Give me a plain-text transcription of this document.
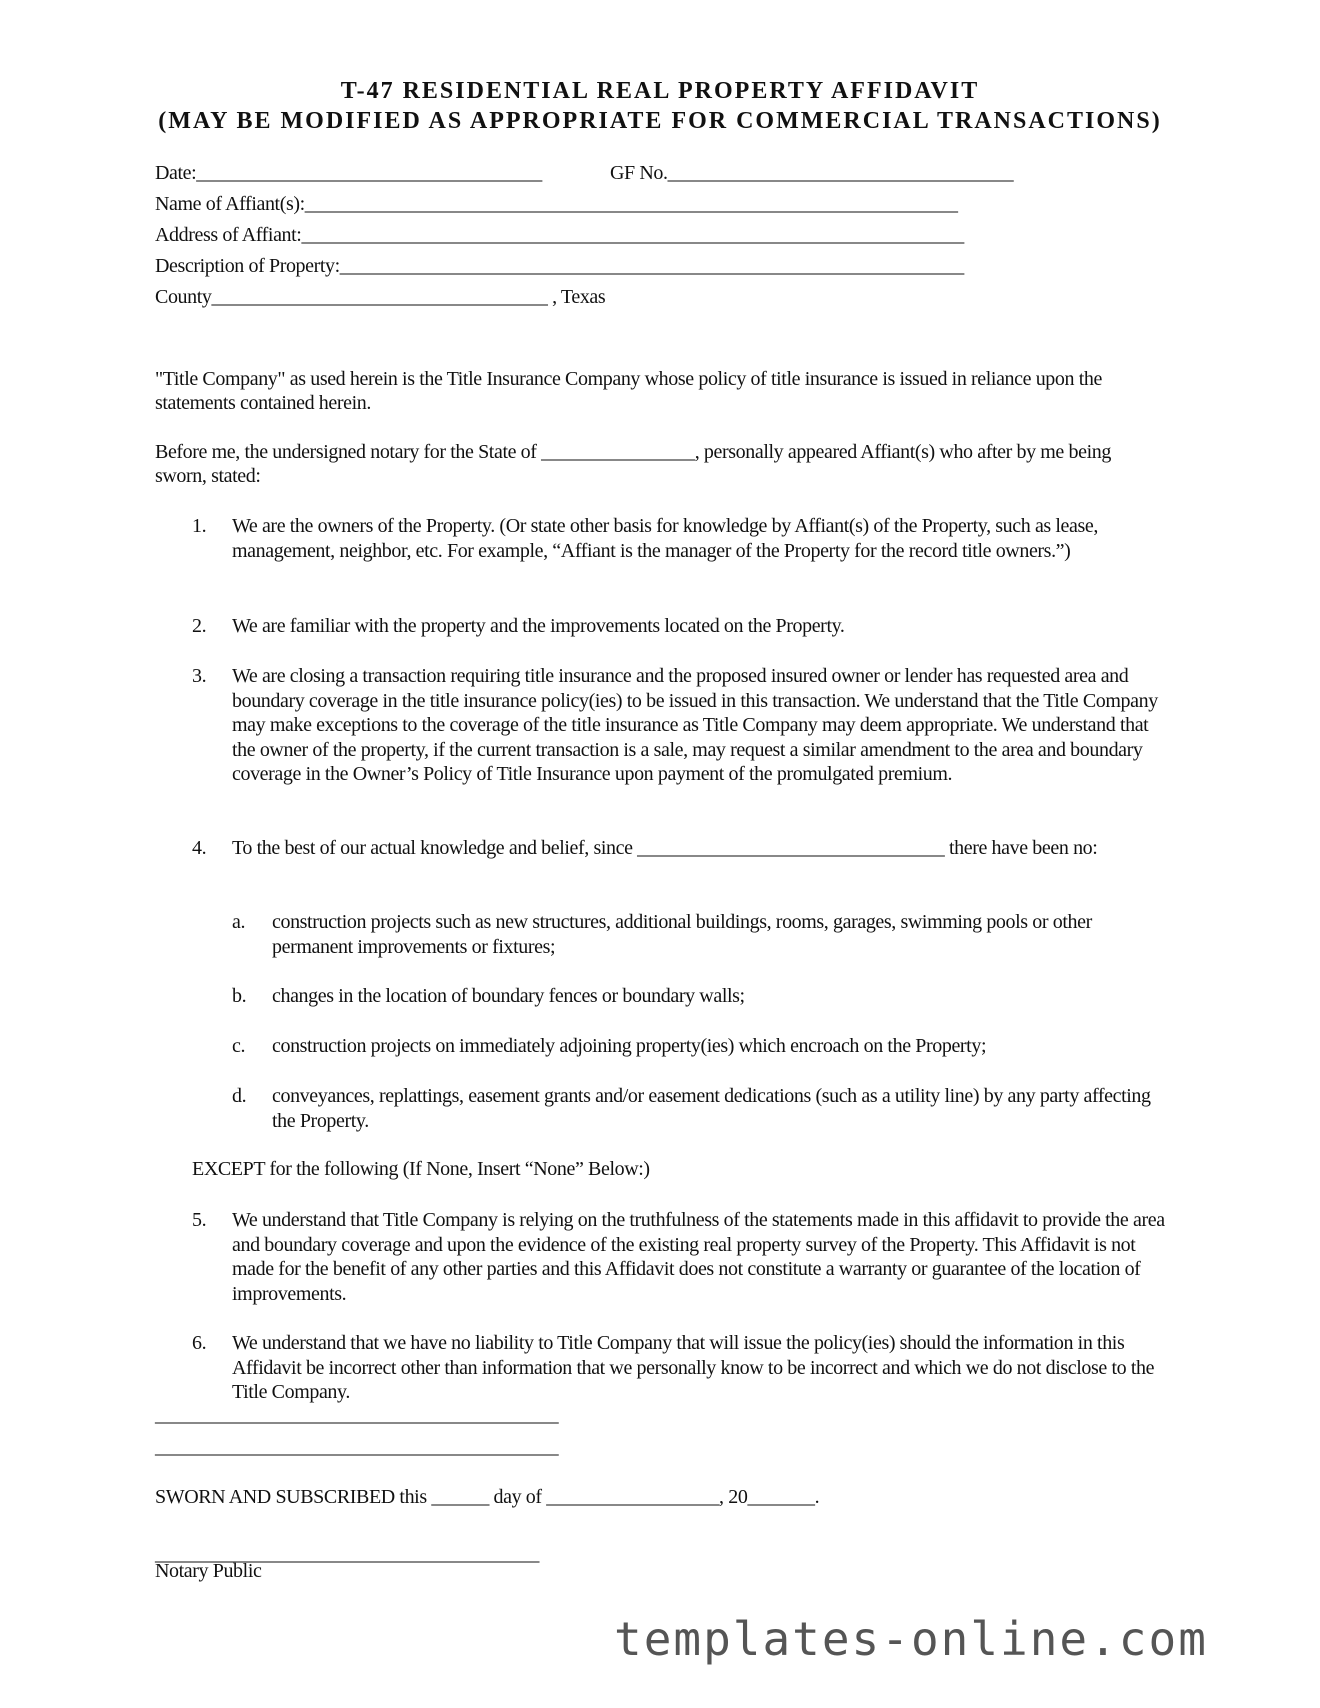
T-47 RESIDENTIAL REAL PROPERTY AFFIDAVIT
(MAY BE MODIFIED AS APPROPRIATE FOR COMMERCIAL TRANSACTIONS)
Date:____________________________________	GF No.____________________________________
Name of Affiant(s):____________________________________________________________________
Address of Affiant:_____________________________________________________________________
Description of Property:_________________________________________________________________
County___________________________________ , Texas
"Title Company" as used herein is the Title Insurance Company whose policy of title insurance is issued in reliance upon the statements contained herein.
Before me, the undersigned notary for the State of ________________, personally appeared Affiant(s) who after by me being sworn, stated:
1. We are the owners of the Property. (Or state other basis for knowledge by Affiant(s) of the Property, such as lease, management, neighbor, etc. For example, “Affiant is the manager of the Property for the record title owners.”)
2. We are familiar with the property and the improvements located on the Property.
3. We are closing a transaction requiring title insurance and the proposed insured owner or lender has requested area and boundary coverage in the title insurance policy(ies) to be issued in this transaction. We understand that the Title Company may make exceptions to the coverage of the title insurance as Title Company may deem appropriate. We understand that the owner of the property, if the current transaction is a sale, may request a similar amendment to the area and boundary coverage in the Owner’s Policy of Title Insurance upon payment of the promulgated premium.
4. To the best of our actual knowledge and belief, since ________________________________ there have been no:
a. construction projects such as new structures, additional buildings, rooms, garages, swimming pools or other permanent improvements or fixtures;
b. changes in the location of boundary fences or boundary walls;
c. construction projects on immediately adjoining property(ies) which encroach on the Property;
d. conveyances, replattings, easement grants and/or easement dedications (such as a utility line) by any party affecting the Property.
EXCEPT for the following (If None, Insert “None” Below:)
5. We understand that Title Company is relying on the truthfulness of the statements made in this affidavit to provide the area and boundary coverage and upon the evidence of the existing real property survey of the Property. This Affidavit is not made for the benefit of any other parties and this Affidavit does not constitute a warranty or guarantee of the location of improvements.
6. We understand that we have no liability to Title Company that will issue the policy(ies) should the information in this Affidavit be incorrect other than information that we personally know to be incorrect and which we do not disclose to the Title Company.
__________________________________________
__________________________________________
SWORN AND SUBSCRIBED this ______ day of __________________, 20_______.
________________________________________
Notary Public
templates-online.com
